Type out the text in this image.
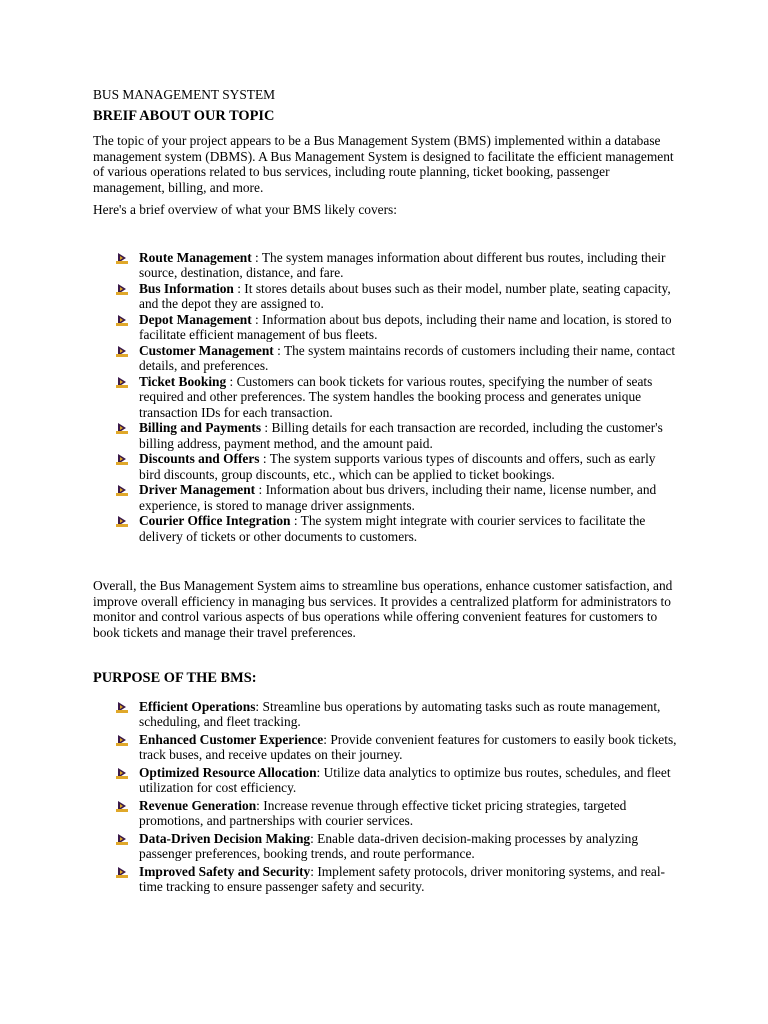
BUS MANAGEMENT SYSTEM
BREIF ABOUT OUR TOPIC

The topic of your project appears to be a Bus Management System (BMS) implemented within a database management system (DBMS). A Bus Management System is designed to facilitate the efficient management of various operations related to bus services, including route planning, ticket booking, passenger management, billing, and more.

Here's a brief overview of what your BMS likely covers:

Route Management : The system manages information about different bus routes, including their source, destination, distance, and fare.
Bus Information : It stores details about buses such as their model, number plate, seating capacity, and the depot they are assigned to.
Depot Management : Information about bus depots, including their name and location, is stored to facilitate efficient management of bus fleets.
Customer Management : The system maintains records of customers including their name, contact details, and preferences.
Ticket Booking : Customers can book tickets for various routes, specifying the number of seats required and other preferences. The system handles the booking process and generates unique transaction IDs for each transaction.
Billing and Payments : Billing details for each transaction are recorded, including the customer's billing address, payment method, and the amount paid.
Discounts and Offers : The system supports various types of discounts and offers, such as early bird discounts, group discounts, etc., which can be applied to ticket bookings.
Driver Management : Information about bus drivers, including their name, license number, and experience, is stored to manage driver assignments.
Courier Office Integration : The system might integrate with courier services to facilitate the delivery of tickets or other documents to customers.

Overall, the Bus Management System aims to streamline bus operations, enhance customer satisfaction, and improve overall efficiency in managing bus services. It provides a centralized platform for administrators to monitor and control various aspects of bus operations while offering convenient features for customers to book tickets and manage their travel preferences.

PURPOSE OF THE BMS:
Efficient Operations: Streamline bus operations by automating tasks such as route management, scheduling, and fleet tracking.
Enhanced Customer Experience: Provide convenient features for customers to easily book tickets, track buses, and receive updates on their journey.
Optimized Resource Allocation: Utilize data analytics to optimize bus routes, schedules, and fleet utilization for cost efficiency.
Revenue Generation: Increase revenue through effective ticket pricing strategies, targeted promotions, and partnerships with courier services.
Data-Driven Decision Making: Enable data-driven decision-making processes by analyzing passenger preferences, booking trends, and route performance.
Improved Safety and Security: Implement safety protocols, driver monitoring systems, and real-time tracking to ensure passenger safety and security.
